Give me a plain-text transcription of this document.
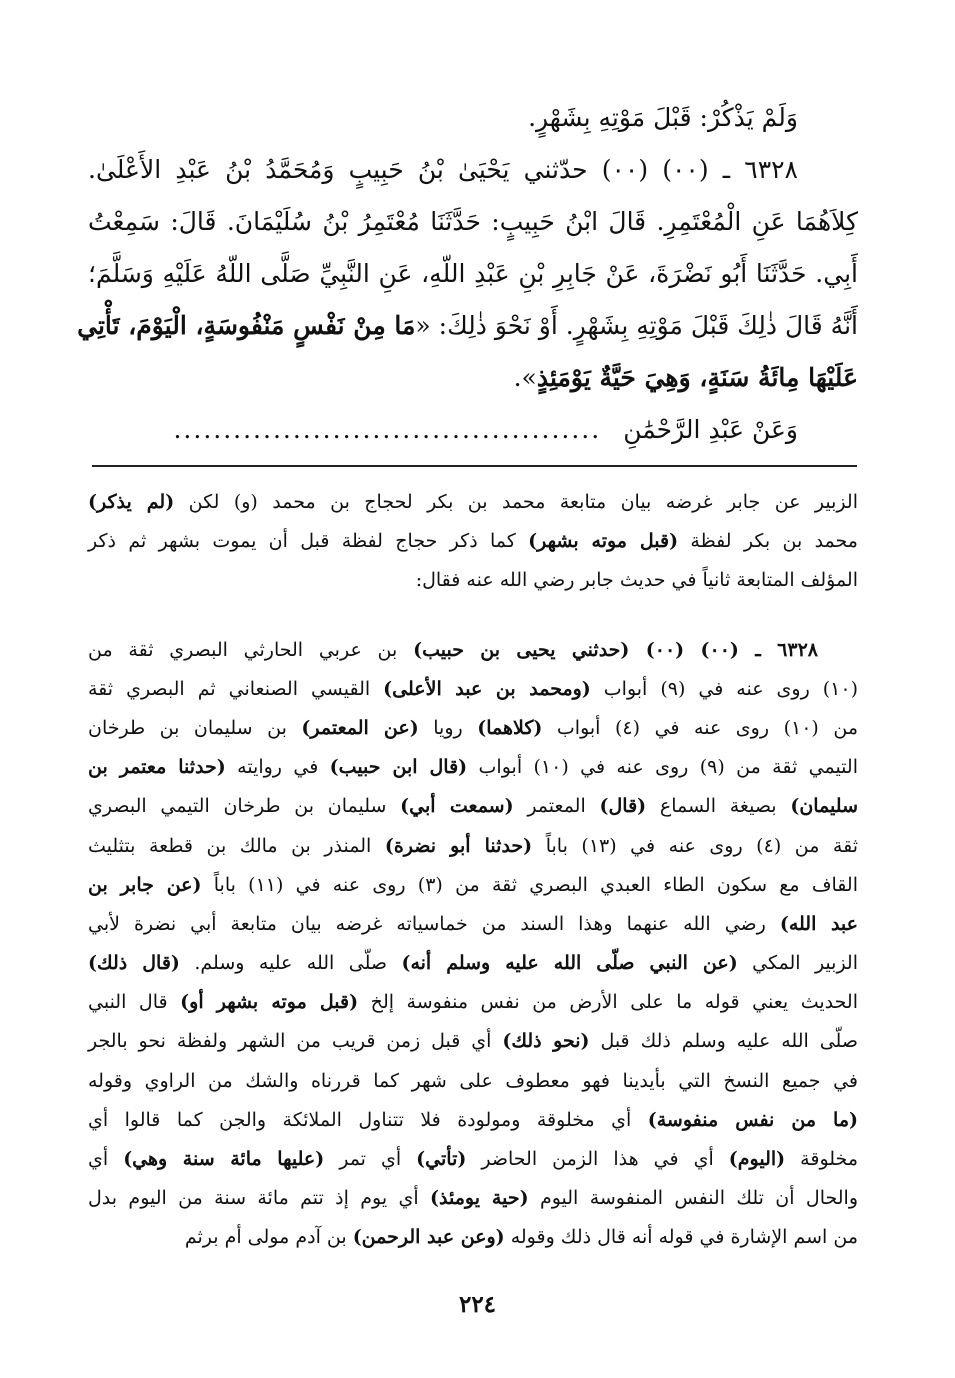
وَلَمْ يَذْكُرْ: قَبْلَ مَوْتِهِ بِشَهْرٍ.
٦٣٢٨ ـ (٠٠) (٠٠) حدّثني يَحْيَىٰ بْنُ حَبِيبٍ وَمُحَمَّدُ بْنُ عَبْدِ الأَعْلَىٰ.
كِلاَهُمَا عَنِ الْمُعْتَمِرِ. قَالَ ابْنُ حَبِيبٍ: حَدَّثَنَا مُعْتَمِرُ بْنُ سُلَيْمَانَ. قَالَ: سَمِعْتُ
أَبِي. حَدَّثَنَا أَبُو نَضْرَةَ، عَنْ جَابِرِ بْنِ عَبْدِ اللّهِ، عَنِ النَّبِيِّ صَلَّى اللّهُ عَلَيْهِ وَسَلَّمَ؛
أَنَّهُ قَالَ ذٰلِكَ قَبْلَ مَوْتِهِ بِشَهْرٍ. أَوْ نَحْوَ ذٰلِكَ: «مَا مِنْ نَفْسٍ مَنْفُوسَةٍ، الْيَوْمَ، تَأْتِي
عَلَيْهَا مِائَةُ سَنَةٍ، وَهِيَ حَيَّةٌ يَوْمَئِذٍ».
وَعَنْ عَبْدِ الرَّحْمَٰنِ
...........................................
الزبير عن جابر غرضه بيان متابعة محمد بن بكر لحجاج بن محمد (و) لكن (لم يذكر)
محمد بن بكر لفظة (قبل موته بشهر) كما ذكر حجاج لفظة قبل أن يموت بشهر ثم ذكر
المؤلف المتابعة ثانياً في حديث جابر رضي الله عنه فقال:
٦٣٢٨ ـ (٠٠) (٠٠) (حدثني يحيى بن حبيب) بن عربي الحارثي البصري ثقة من
(١٠) روى عنه في (٩) أبواب (ومحمد بن عبد الأعلى) القيسي الصنعاني ثم البصري ثقة
من (١٠) روى عنه في (٤) أبواب (كلاهما) رويا (عن المعتمر) بن سليمان بن طرخان
التيمي ثقة من (٩) روى عنه في (١٠) أبواب (قال ابن حبيب) في روايته (حدثنا معتمر بن
سليمان) بصيغة السماع (قال) المعتمر (سمعت أبي) سليمان بن طرخان التيمي البصري
ثقة من (٤) روى عنه في (١٣) باباً (حدثنا أبو نضرة) المنذر بن مالك بن قطعة بتثليث
القاف مع سكون الطاء العبدي البصري ثقة من (٣) روى عنه في (١١) باباً (عن جابر بن
عبد الله) رضي الله عنهما وهذا السند من خماسياته غرضه بيان متابعة أبي نضرة لأبي
الزبير المكي (عن النبي صلّى الله عليه وسلم أنه) صلّى الله عليه وسلم. (قال ذلك)
الحديث يعني قوله ما على الأرض من نفس منفوسة إلخ (قبل موته بشهر أو) قال النبي
صلّى الله عليه وسلم ذلك قبل (نحو ذلك) أي قبل زمن قريب من الشهر ولفظة نحو بالجر
في جميع النسخ التي بأيدينا فهو معطوف على شهر كما قررناه والشك من الراوي وقوله
(ما من نفس منفوسة) أي مخلوقة ومولودة فلا تتناول الملائكة والجن كما قالوا أي
مخلوقة (اليوم) أي في هذا الزمن الحاضر (تأتي) أي تمر (عليها مائة سنة وهي) أي
والحال أن تلك النفس المنفوسة اليوم (حية يومئذ) أي يوم إذ تتم مائة سنة من اليوم بدل
من اسم الإشارة في قوله أنه قال ذلك وقوله (وعن عبد الرحمن) بن آدم مولى أم برثم
٢٢٤
